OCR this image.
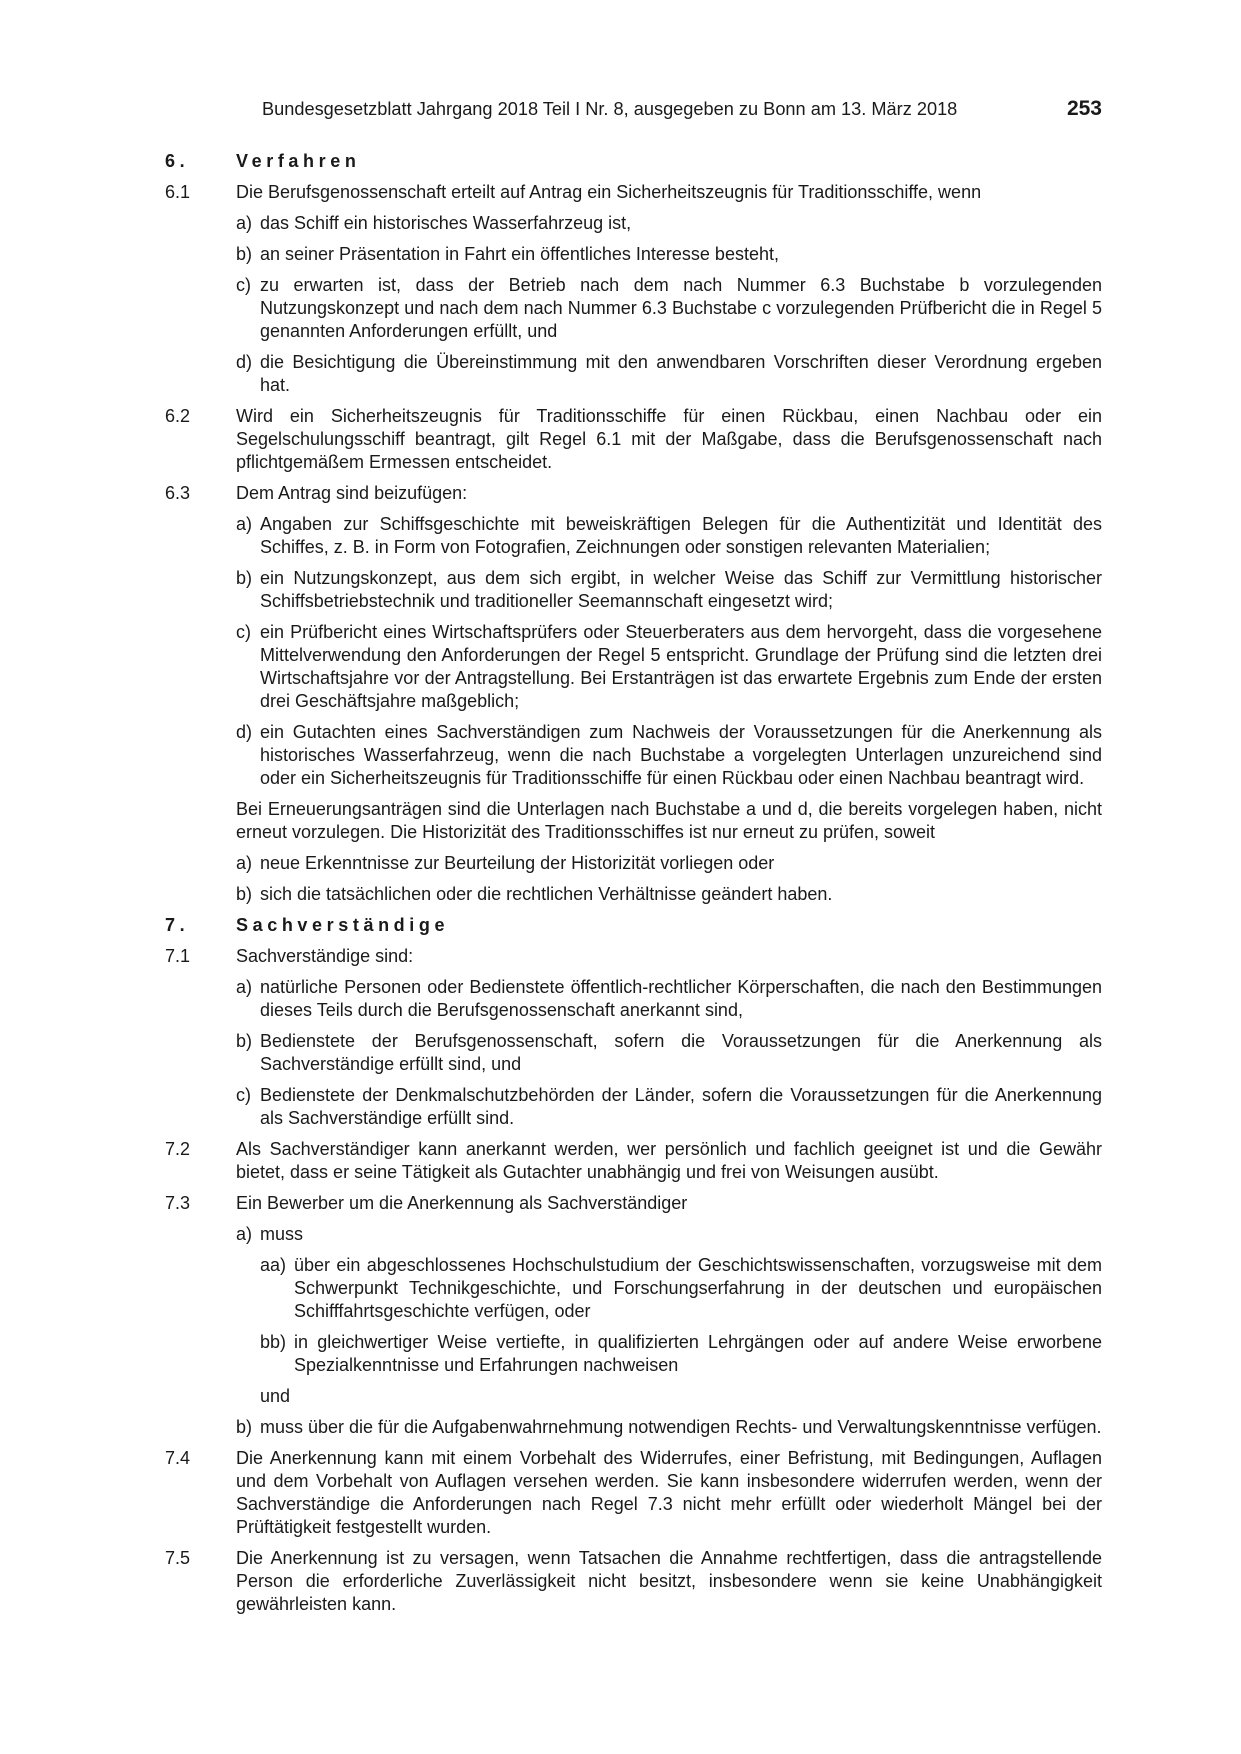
Bundesgesetzblatt Jahrgang 2018 Teil I Nr. 8, ausgegeben zu Bonn am 13. März 2018	253
6.	Verfahren
6.1	Die Berufsgenossenschaft erteilt auf Antrag ein Sicherheitszeugnis für Traditionsschiffe, wenn
a) das Schiff ein historisches Wasserfahrzeug ist,
b) an seiner Präsentation in Fahrt ein öffentliches Interesse besteht,
c) zu erwarten ist, dass der Betrieb nach dem nach Nummer 6.3 Buchstabe b vorzulegenden Nutzungskonzept und nach dem nach Nummer 6.3 Buchstabe c vorzulegenden Prüfbericht die in Regel 5 genannten Anforderungen erfüllt, und
d) die Besichtigung die Übereinstimmung mit den anwendbaren Vorschriften dieser Verordnung ergeben hat.
6.2	Wird ein Sicherheitszeugnis für Traditionsschiffe für einen Rückbau, einen Nachbau oder ein Segelschulungsschiff beantragt, gilt Regel 6.1 mit der Maßgabe, dass die Berufsgenossenschaft nach pflichtgemäßem Ermessen entscheidet.
6.3	Dem Antrag sind beizufügen:
a) Angaben zur Schiffsgeschichte mit beweiskräftigen Belegen für die Authentizität und Identität des Schiffes, z. B. in Form von Fotografien, Zeichnungen oder sonstigen relevanten Materialien;
b) ein Nutzungskonzept, aus dem sich ergibt, in welcher Weise das Schiff zur Vermittlung historischer Schiffsbetriebstechnik und traditioneller Seemannschaft eingesetzt wird;
c) ein Prüfbericht eines Wirtschaftsprüfers oder Steuerberaters aus dem hervorgeht, dass die vorgesehene Mittelverwendung den Anforderungen der Regel 5 entspricht. Grundlage der Prüfung sind die letzten drei Wirtschaftsjahre vor der Antragstellung. Bei Erstanträgen ist das erwartete Ergebnis zum Ende der ersten drei Geschäftsjahre maßgeblich;
d) ein Gutachten eines Sachverständigen zum Nachweis der Voraussetzungen für die Anerkennung als historisches Wasserfahrzeug, wenn die nach Buchstabe a vorgelegten Unterlagen unzureichend sind oder ein Sicherheitszeugnis für Traditionsschiffe für einen Rückbau oder einen Nachbau beantragt wird.
Bei Erneuerungsanträgen sind die Unterlagen nach Buchstabe a und d, die bereits vorgelegen haben, nicht erneut vorzulegen. Die Historizität des Traditionsschiffes ist nur erneut zu prüfen, soweit
a) neue Erkenntnisse zur Beurteilung der Historizität vorliegen oder
b) sich die tatsächlichen oder die rechtlichen Verhältnisse geändert haben.
7.	Sachverständige
7.1	Sachverständige sind:
a) natürliche Personen oder Bedienstete öffentlich-rechtlicher Körperschaften, die nach den Bestimmungen dieses Teils durch die Berufsgenossenschaft anerkannt sind,
b) Bedienstete der Berufsgenossenschaft, sofern die Voraussetzungen für die Anerkennung als Sachverständige erfüllt sind, und
c) Bedienstete der Denkmalschutzbehörden der Länder, sofern die Voraussetzungen für die Anerkennung als Sachverständige erfüllt sind.
7.2	Als Sachverständiger kann anerkannt werden, wer persönlich und fachlich geeignet ist und die Gewähr bietet, dass er seine Tätigkeit als Gutachter unabhängig und frei von Weisungen ausübt.
7.3	Ein Bewerber um die Anerkennung als Sachverständiger
a) muss
aa) über ein abgeschlossenes Hochschulstudium der Geschichtswissenschaften, vorzugsweise mit dem Schwerpunkt Technikgeschichte, und Forschungserfahrung in der deutschen und europäischen Schifffahrtsgeschichte verfügen, oder
bb) in gleichwertiger Weise vertiefte, in qualifizierten Lehrgängen oder auf andere Weise erworbene Spezialkenntnisse und Erfahrungen nachweisen
und
b) muss über die für die Aufgabenwahrnehmung notwendigen Rechts- und Verwaltungskenntnisse verfügen.
7.4	Die Anerkennung kann mit einem Vorbehalt des Widerrufes, einer Befristung, mit Bedingungen, Auflagen und dem Vorbehalt von Auflagen versehen werden. Sie kann insbesondere widerrufen werden, wenn der Sachverständige die Anforderungen nach Regel 7.3 nicht mehr erfüllt oder wiederholt Mängel bei der Prüftätigkeit festgestellt wurden.
7.5	Die Anerkennung ist zu versagen, wenn Tatsachen die Annahme rechtfertigen, dass die antragstellende Person die erforderliche Zuverlässigkeit nicht besitzt, insbesondere wenn sie keine Unabhängigkeit gewährleisten kann.
